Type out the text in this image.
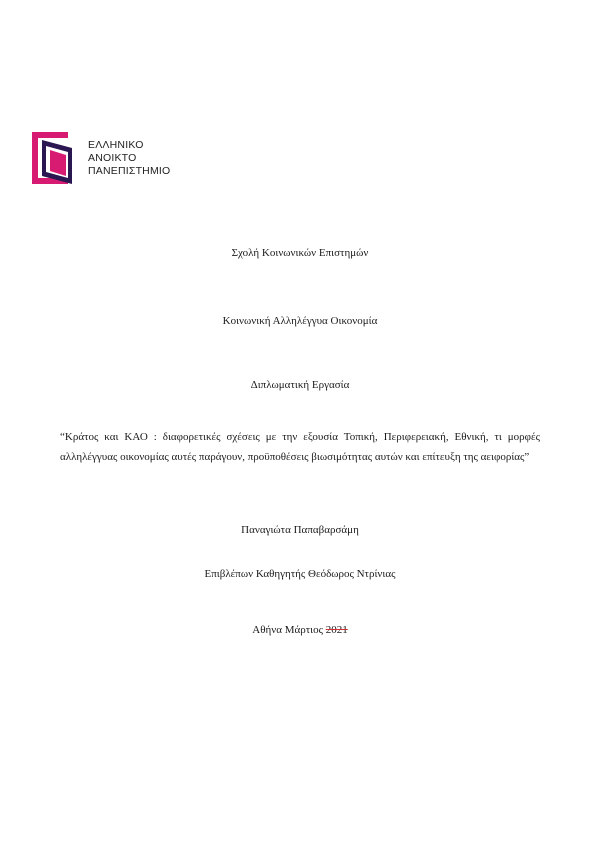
ΕΛΛΗΝΙΚΟ
ΑΝΟΙΚΤΟ
ΠΑΝΕΠΙΣΤΗΜΙΟ
Σχολή Κοινωνικών Επιστημών
Κοινωνική Αλληλέγγυα Οικονομία
Διπλωματική Εργασία
“Κράτος και ΚΑΟ : διαφορετικές σχέσεις με την εξουσία Τοπική, Περιφερειακή, Εθνική, τι μορφές αλληλέγγυας οικονομίας αυτές παράγουν, προϋποθέσεις βιωσιμότητας αυτών και επίτευξη της αειφορίας”
Παναγιώτα Παπαβαρσάμη
Επιβλέπων Καθηγητής Θεόδωρος Ντρίνιας
Αθήνα Μάρτιος 2021
